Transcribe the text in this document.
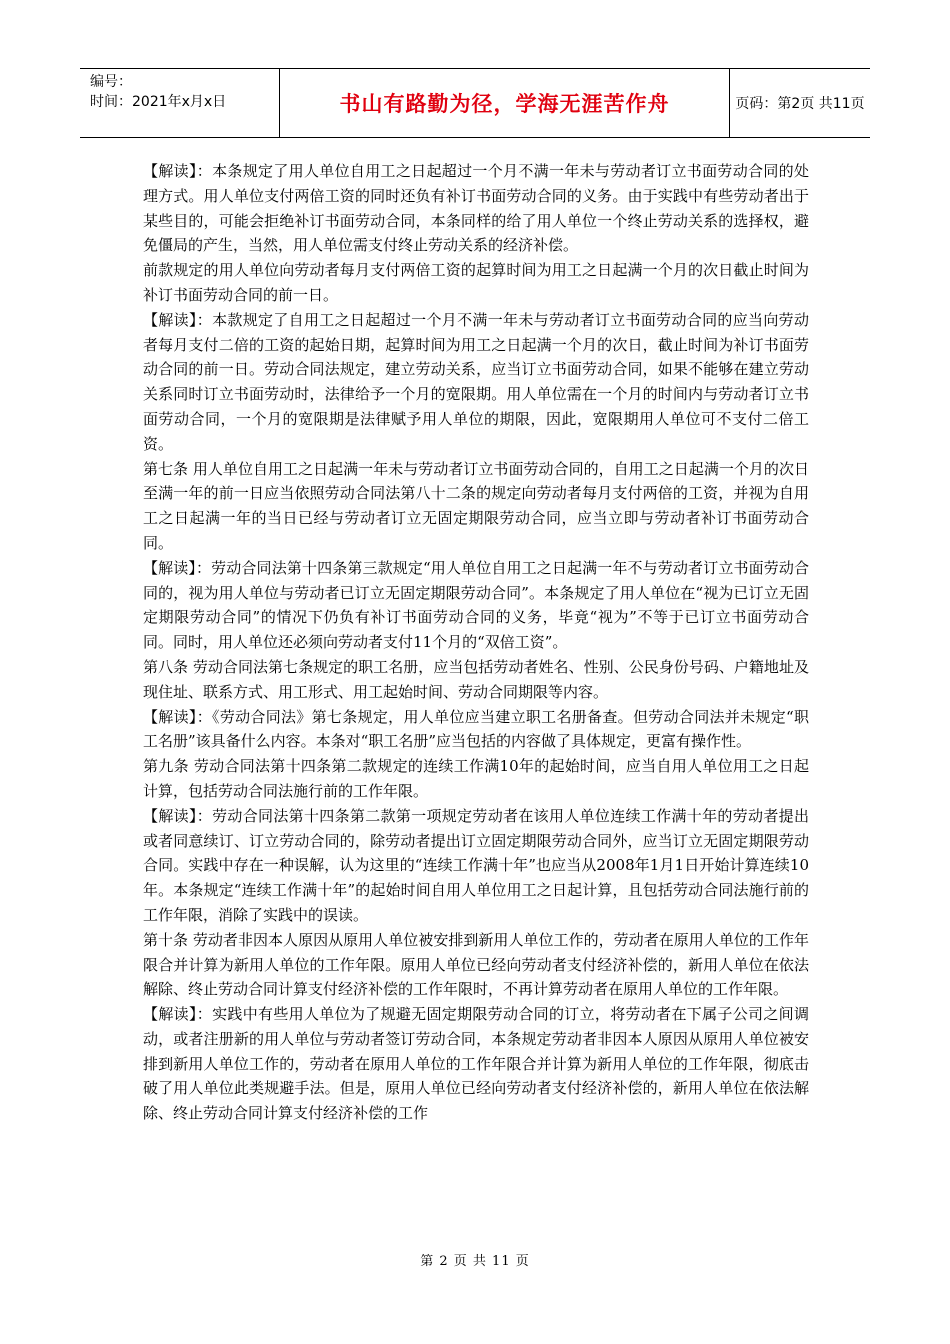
编号：
时间：2021年x月x日	书山有路勤为径，学海无涯苦作舟	页码：第2页 共11页

【解读】：本条规定了用人单位自用工之日起超过一个月不满一年未与劳动者订立书面劳动合同的处理方式。用人单位支付两倍工资的同时还负有补订书面劳动合同的义务。由于实践中有些劳动者出于某些目的，可能会拒绝补订书面劳动合同，本条同样的给了用人单位一个终止劳动关系的选择权，避免僵局的产生，当然，用人单位需支付终止劳动关系的经济补偿。

前款规定的用人单位向劳动者每月支付两倍工资的起算时间为用工之日起满一个月的次日截止时间为补订书面劳动合同的前一日。

【解读】：本款规定了自用工之日起超过一个月不满一年未与劳动者订立书面劳动合同的应当向劳动者每月支付二倍的工资的起始日期，起算时间为用工之日起满一个月的次日，截止时间为补订书面劳动合同的前一日。劳动合同法规定，建立劳动关系，应当订立书面劳动合同，如果不能够在建立劳动关系同时订立书面劳动时，法律给予一个月的宽限期。用人单位需在一个月的时间内与劳动者订立书面劳动合同，一个月的宽限期是法律赋予用人单位的期限，因此，宽限期用人单位可不支付二倍工资。

第七条 用人单位自用工之日起满一年未与劳动者订立书面劳动合同的，自用工之日起满一个月的次日至满一年的前一日应当依照劳动合同法第八十二条的规定向劳动者每月支付两倍的工资，并视为自用工之日起满一年的当日已经与劳动者订立无固定期限劳动合同，应当立即与劳动者补订书面劳动合同。

【解读】：劳动合同法第十四条第三款规定“用人单位自用工之日起满一年不与劳动者订立书面劳动合同的，视为用人单位与劳动者已订立无固定期限劳动合同”。本条规定了用人单位在“视为已订立无固定期限劳动合同”的情况下仍负有补订书面劳动合同的义务，毕竟“视为”不等于已订立书面劳动合同。同时，用人单位还必须向劳动者支付11个月的“双倍工资”。

第八条 劳动合同法第七条规定的职工名册，应当包括劳动者姓名、性别、公民身份号码、户籍地址及现住址、联系方式、用工形式、用工起始时间、劳动合同期限等内容。

【解读】：《劳动合同法》第七条规定，用人单位应当建立职工名册备查。但劳动合同法并未规定“职工名册”该具备什么内容。本条对“职工名册”应当包括的内容做了具体规定，更富有操作性。

第九条 劳动合同法第十四条第二款规定的连续工作满10年的起始时间，应当自用人单位用工之日起计算，包括劳动合同法施行前的工作年限。

【解读】：劳动合同法第十四条第二款第一项规定劳动者在该用人单位连续工作满十年的劳动者提出或者同意续订、订立劳动合同的，除劳动者提出订立固定期限劳动合同外，应当订立无固定期限劳动合同。实践中存在一种误解，认为这里的“连续工作满十年”也应当从2008年1月1日开始计算连续10年。本条规定“连续工作满十年”的起始时间自用人单位用工之日起计算，且包括劳动合同法施行前的工作年限，消除了实践中的误读。

第十条 劳动者非因本人原因从原用人单位被安排到新用人单位工作的，劳动者在原用人单位的工作年限合并计算为新用人单位的工作年限。原用人单位已经向劳动者支付经济补偿的，新用人单位在依法解除、终止劳动合同计算支付经济补偿的工作年限时，不再计算劳动者在原用人单位的工作年限。

【解读】：实践中有些用人单位为了规避无固定期限劳动合同的订立，将劳动者在下属子公司之间调动，或者注册新的用人单位与劳动者签订劳动合同，本条规定劳动者非因本人原因从原用人单位被安排到新用人单位工作的，劳动者在原用人单位的工作年限合并计算为新用人单位的工作年限，彻底击破了用人单位此类规避手法。但是，原用人单位已经向劳动者支付经济补偿的，新用人单位在依法解除、终止劳动合同计算支付经济补偿的工作

第 2 页 共 11 页
